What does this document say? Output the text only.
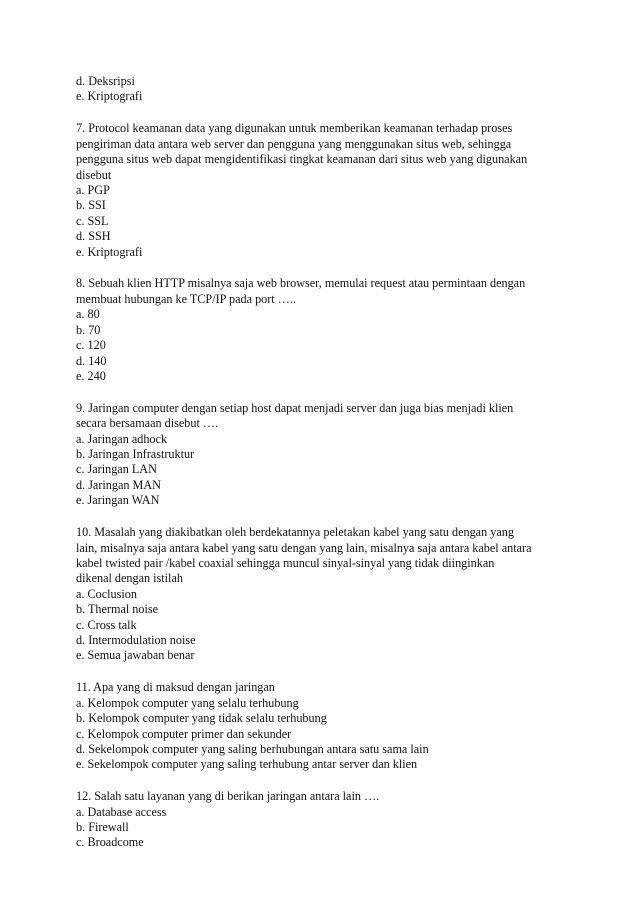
d. Deksripsi
e. Kriptografi
7. Protocol keamanan data yang digunakan untuk memberikan keamanan terhadap proses
pengiriman data antara web server dan pengguna yang menggunakan situs web, sehingga
pengguna situs web dapat mengidentifikasi tingkat keamanan dari situs web yang digunakan
disebut
a. PGP
b. SSI
c. SSL
d. SSH
e. Kriptografi
8. Sebuah klien HTTP misalnya saja web browser, memulai request atau permintaan dengan
membuat hubungan ke TCP/IP pada port …..
a. 80
b. 70
c. 120
d. 140
e. 240
9. Jaringan computer dengan setiap host dapat menjadi server dan juga bias menjadi klien
secara bersamaan disebut ….
a. Jaringan adhock
b. Jaringan Infrastruktur
c. Jaringan LAN
d. Jaringan MAN
e. Jaringan WAN
10. Masalah yang diakibatkan oleh berdekatannya peletakan kabel yang satu dengan yang
lain, misalnya saja antara kabel yang satu dengan yang lain, misalnya saja antara kabel antara
kabel twisted pair /kabel coaxial sehingga muncul sinyal-sinyal yang tidak diinginkan
dikenal dengan istilah
a. Coclusion
b. Thermal noise
c. Cross talk
d. Intermodulation noise
e. Semua jawaban benar
11. Apa yang di maksud dengan jaringan
a. Kelompok computer yang selalu terhubung
b. Kelompok computer yang tidak selalu terhubung
c. Kelompok computer primer dan sekunder
d. Sekelompok computer yang saling berhubungan antara satu sama lain
e. Sekelompok computer yang saling terhubung antar server dan klien
12. Salah satu layanan yang di berikan jaringan antara lain ….
a. Database access
b. Firewall
c. Broadcome
